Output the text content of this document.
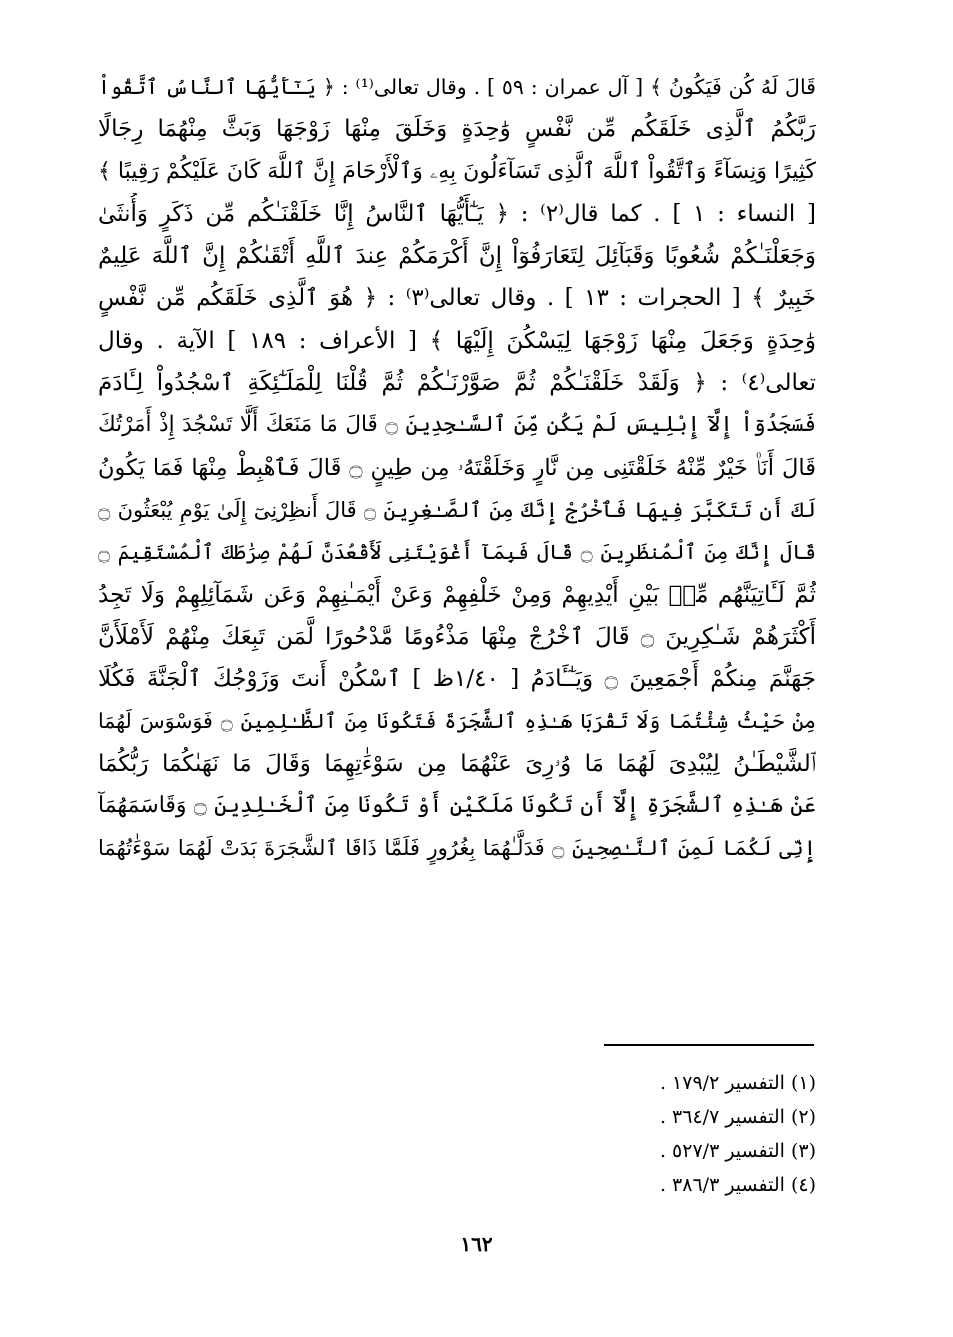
قَالَ لَهُ كُن فَيَكُونُ ﴾ [ آل عمران : ٥٩ ] . وقال تعالى⁽¹⁾ : ﴿ يَـٰٓأَيُّهَا ٱلنَّاسُ ٱتَّقُواْ
رَبَّكُمُ ٱلَّذِى خَلَقَكُم مِّن نَّفْسٍ وَٰحِدَةٍ وَخَلَقَ مِنْهَا زَوْجَهَا وَبَثَّ مِنْهُمَا رِجَالًا
كَثِيرًا وَنِسَآءً وَٱتَّقُواْ ٱللَّهَ ٱلَّذِى تَسَآءَلُونَ بِهِۦ وَٱلْأَرْحَامَ إِنَّ ٱللَّهَ كَانَ عَلَيْكُمْ رَقِيبًا ﴾
[ النساء : ١ ] . كما قال⁽٢⁾ : ﴿ يَـٰٓأَيُّهَا ٱلنَّاسُ إِنَّا خَلَقْنَـٰكُم مِّن ذَكَرٍ وَأُنثَىٰ
وَجَعَلْنَـٰكُمْ شُعُوبًا وَقَبَآئِلَ لِتَعَارَفُوٓاْ إِنَّ أَكْرَمَكُمْ عِندَ ٱللَّهِ أَتْقَىٰكُمْ إِنَّ ٱللَّهَ عَلِيمٌ
خَبِيرٌ ﴾ [ الحجرات : ١٣ ] . وقال تعالى⁽٣⁾ : ﴿ هُوَ ٱلَّذِى خَلَقَكُم مِّن نَّفْسٍ
وَٰحِدَةٍ وَجَعَلَ مِنْهَا زَوْجَهَا لِيَسْكُنَ إِلَيْهَا ﴾ [ الأعراف : ١٨٩ ] الآية . وقال
تعالى⁽٤⁾ : ﴿ وَلَقَدْ خَلَقْنَـٰكُمْ ثُمَّ صَوَّرْنَـٰكُمْ ثُمَّ قُلْنَا لِلْمَلَـٰٓئِكَةِ ٱسْجُدُواْ لِـَٔادَمَ
فَسَجَدُوٓاْ إِلَّآ إِبْلِيسَ لَمْ يَكُن مِّنَ ٱلسَّـٰجِدِينَ ۝ قَالَ مَا مَنَعَكَ أَلَّا تَسْجُدَ إِذْ أَمَرْتُكَ
قَالَ أَنَا۠ خَيْرٌ مِّنْهُ خَلَقْتَنِى مِن نَّارٍ وَخَلَقْتَهُۥ مِن طِينٍ ۝ قَالَ فَٱهْبِطْ مِنْهَا فَمَا يَكُونُ
لَكَ أَن تَتَكَبَّرَ فِيهَا فَٱخْرُجْ إِنَّكَ مِنَ ٱلصَّـٰغِرِينَ ۝ قَالَ أَنظِرْنِىٓ إِلَىٰ يَوْمِ يُبْعَثُونَ ۝
قَالَ إِنَّكَ مِنَ ٱلْمُنظَرِينَ ۝ قَالَ فَبِمَآ أَغْوَيْتَنِى لَأَقْعُدَنَّ لَهُمْ صِرَٰطَكَ ٱلْمُسْتَقِيمَ ۝
ثُمَّ لَـَٔاتِيَنَّهُم مِّنۢ بَيْنِ أَيْدِيهِمْ وَمِنْ خَلْفِهِمْ وَعَنْ أَيْمَـٰنِهِمْ وَعَن شَمَآئِلِهِمْ وَلَا تَجِدُ
أَكْثَرَهُمْ شَـٰكِرِينَ ۝ قَالَ ٱخْرُجْ مِنْهَا مَذْءُومًا مَّدْحُورًا لَّمَن تَبِعَكَ مِنْهُمْ لَأَمْلَأَنَّ
جَهَنَّمَ مِنكُمْ أَجْمَعِينَ ۝ وَيَـٰٓـَٔادَمُ [ ١/٤٠ظ ] ٱسْكُنْ أَنتَ وَزَوْجُكَ ٱلْجَنَّةَ فَكُلَا
مِنْ حَيْثُ شِئْتُمَا وَلَا تَقْرَبَا هَـٰذِهِ ٱلشَّجَرَةَ فَتَكُونَا مِنَ ٱلظَّـٰلِمِينَ ۝ فَوَسْوَسَ لَهُمَا
ٱلشَّيْطَـٰنُ لِيُبْدِىَ لَهُمَا مَا وُۥرِىَ عَنْهُمَا مِن سَوْءَٰتِهِمَا وَقَالَ مَا نَهَىٰكُمَا رَبُّكُمَا
عَنْ هَـٰذِهِ ٱلشَّجَرَةِ إِلَّآ أَن تَكُونَا مَلَكَيْنِ أَوْ تَكُونَا مِنَ ٱلْخَـٰلِدِينَ ۝ وَقَاسَمَهُمَآ
إِنِّى لَكُمَا لَمِنَ ٱلنَّـٰصِحِينَ ۝ فَدَلَّـٰهُمَا بِغُرُورٍ فَلَمَّا ذَاقَا ٱلشَّجَرَةَ بَدَتْ لَهُمَا سَوْءَٰتُهُمَا
(١) التفسير ١٧٩/٢ .
(٢) التفسير ٣٦٤/٧ .
(٣) التفسير ٥٢٧/٣ .
(٤) التفسير ٣٨٦/٣ .
١٦٢
